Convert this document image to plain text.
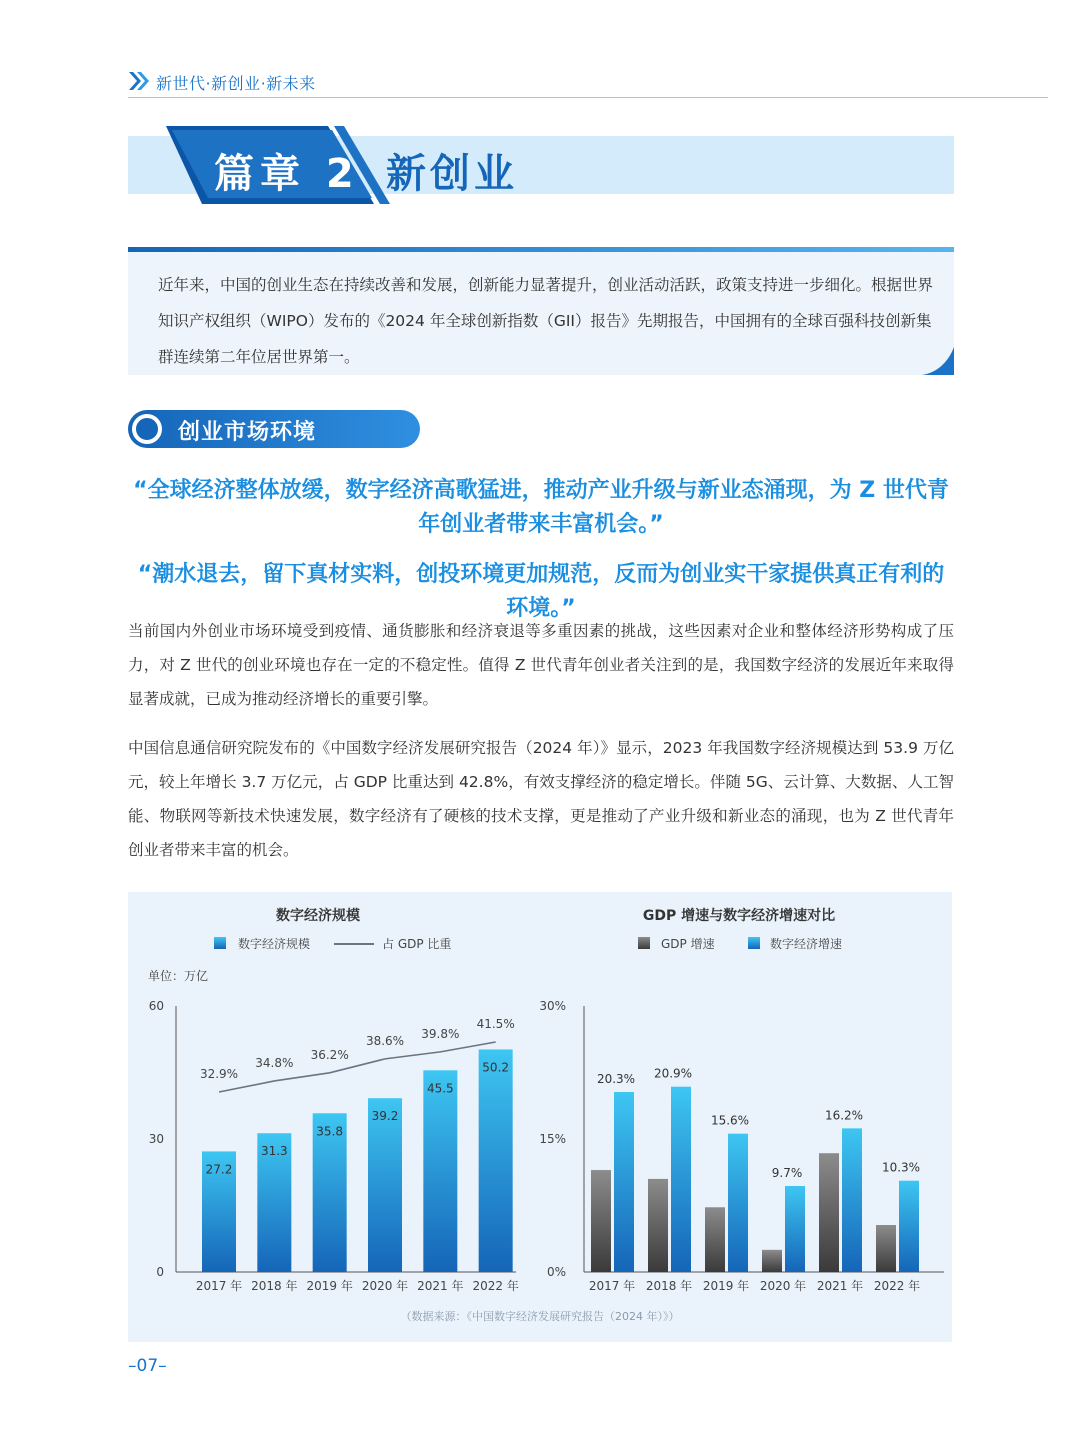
新世代·新创业·新未来
篇章 2 新创业
近年来，中国的创业生态在持续改善和发展，创新能力显著提升，创业活动活跃，政策支持进一步细化。根据世界知识产权组织（WIPO）发布的《2024 年全球创新指数（GII）报告》先期报告，中国拥有的全球百强科技创新集群连续第二年位居世界第一。
创业市场环境
“全球经济整体放缓，数字经济高歌猛进，推动产业升级与新业态涌现，为 Z 世代青年创业者带来丰富机会。”
“潮水退去，留下真材实料，创投环境更加规范，反而为创业实干家提供真正有利的环境。”
当前国内外创业市场环境受到疫情、通货膨胀和经济衰退等多重因素的挑战，这些因素对企业和整体经济形势构成了压力，对 Z 世代的创业环境也存在一定的不稳定性。值得 Z 世代青年创业者关注到的是，我国数字经济的发展近年来取得显著成就，已成为推动经济增长的重要引擎。
中国信息通信研究院发布的《中国数字经济发展研究报告（2024 年）》显示，2023 年我国数字经济规模达到 53.9 万亿元，较上年增长 3.7 万亿元，占 GDP 比重达到 42.8%，有效支撑经济的稳定增长。伴随 5G、云计算、大数据、人工智能、物联网等新技术快速发展，数字经济有了硬核的技术支撑，更是推动了产业升级和新业态的涌现，也为 Z 世代青年创业者带来丰富的机会。
数字经济规模
数字经济规模	占 GDP 比重
单位：万亿
0
30
60
27.2
2017 年
31.3
2018 年
35.8
2019 年
39.2
2020 年
45.5
2021 年
50.2
2022 年
32.9%
34.8%
36.2%
38.6% 39.8%
41.5%
GDP 增速与数字经济增速对比
GDP 增速	数字经济增速
0%
15%
30%
20.3%
2017 年
20.9%
2018 年
15.6%
2019 年
9.7%
2020 年
16.2%
2021 年
10.3%
2022 年
（数据来源：《中国数字经济发展研究报告（2024 年）》）
–07–
